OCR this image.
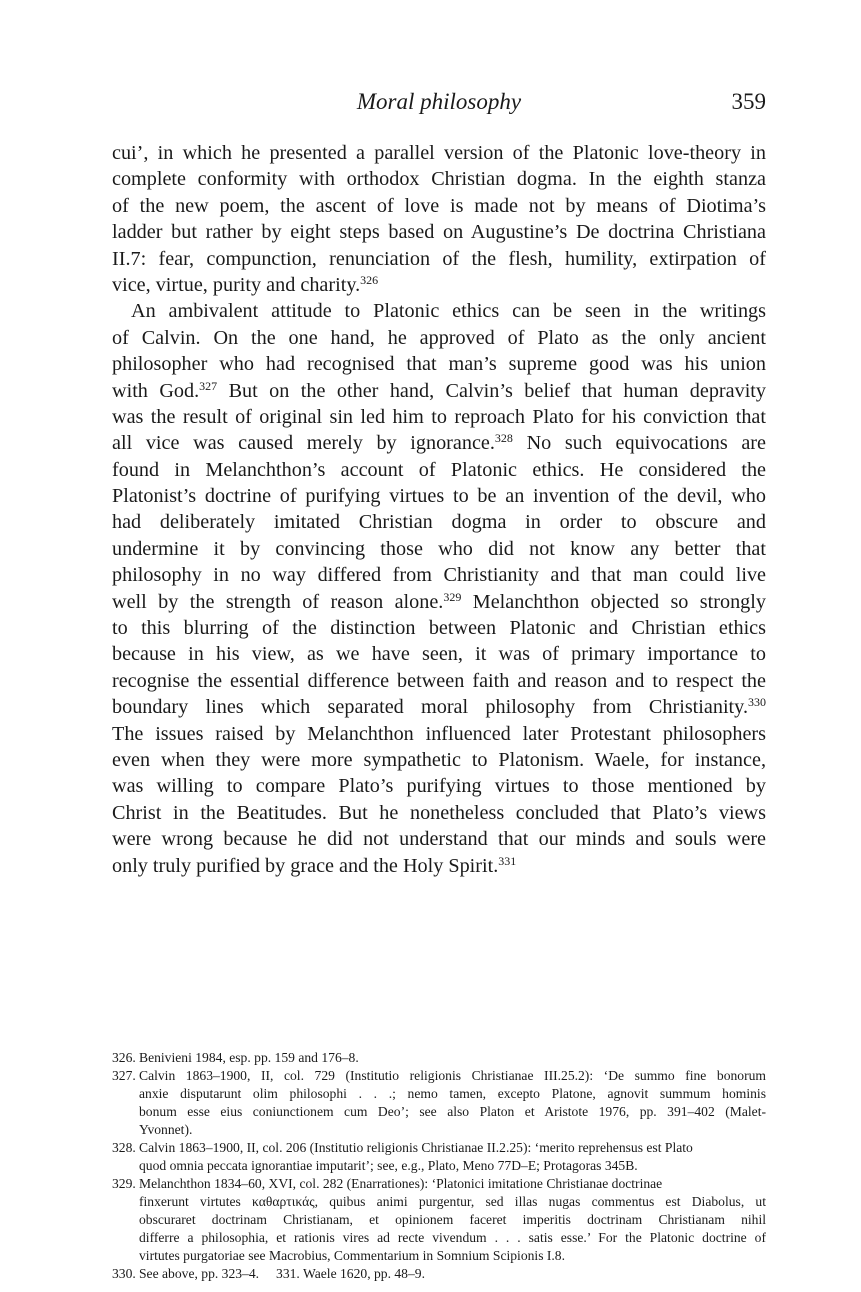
Moral philosophy	359
cui’, in which he presented a parallel version of the Platonic love-theory in
complete conformity with orthodox Christian dogma. In the eighth stanza
of the new poem, the ascent of love is made not by means of Diotima’s
ladder but rather by eight steps based on Augustine’s De doctrina Christiana
II.7: fear, compunction, renunciation of the flesh, humility, extirpation of
vice, virtue, purity and charity.$^{326}$
An ambivalent attitude to Platonic ethics can be seen in the writings
of Calvin. On the one hand, he approved of Plato as the only ancient
philosopher who had recognised that man’s supreme good was his union
with God.$^{327}$ But on the other hand, Calvin’s belief that human depravity
was the result of original sin led him to reproach Plato for his conviction that
all vice was caused merely by ignorance.$^{328}$ No such equivocations are
found in Melanchthon’s account of Platonic ethics. He considered the
Platonist’s doctrine of purifying virtues to be an invention of the devil, who
had deliberately imitated Christian dogma in order to obscure and
undermine it by convincing those who did not know any better that
philosophy in no way differed from Christianity and that man could live
well by the strength of reason alone.$^{329}$ Melanchthon objected so strongly
to this blurring of the distinction between Platonic and Christian ethics
because in his view, as we have seen, it was of primary importance to
recognise the essential difference between faith and reason and to respect the
boundary lines which separated moral philosophy from Christianity.$^{330}$
The issues raised by Melanchthon influenced later Protestant philosophers
even when they were more sympathetic to Platonism. Waele, for instance,
was willing to compare Plato’s purifying virtues to those mentioned by
Christ in the Beatitudes. But he nonetheless concluded that Plato’s views
were wrong because he did not understand that our minds and souls were
only truly purified by grace and the Holy Spirit.$^{331}$
326. Benivieni 1984, esp. pp. 159 and 176–8.
327. Calvin 1863–1900, II, col. 729 (Institutio religionis Christianae III.25.2): ‘De summo fine bonorum
anxie disputarunt olim philosophi . . .; nemo tamen, excepto Platone, agnovit summum hominis
bonum esse eius coniunctionem cum Deo’; see also Platon et Aristote 1976, pp. 391–402 (Malet-
Yvonnet).
328. Calvin 1863–1900, II, col. 206 (Institutio religionis Christianae II.2.25): ‘merito reprehensus est Plato
quod omnia peccata ignorantiae imputarit’; see, e.g., Plato, Meno 77D–E; Protagoras 345B.
329. Melanchthon 1834–60, XVI, col. 282 (Enarrationes): ‘Platonici imitatione Christianae doctrinae
finxerunt virtutes καθαρτικάς, quibus animi purgentur, sed illas nugas commentus est Diabolus, ut
obscuraret doctrinam Christianam, et opinionem faceret imperitis doctrinam Christianam nihil
differre a philosophia, et rationis vires ad recte vivendum . . . satis esse.’ For the Platonic doctrine of
virtutes purgatoriae see Macrobius, Commentarium in Somnium Scipionis I.8.
330. See above, pp. 323–4.     331. Waele 1620, pp. 48–9.
